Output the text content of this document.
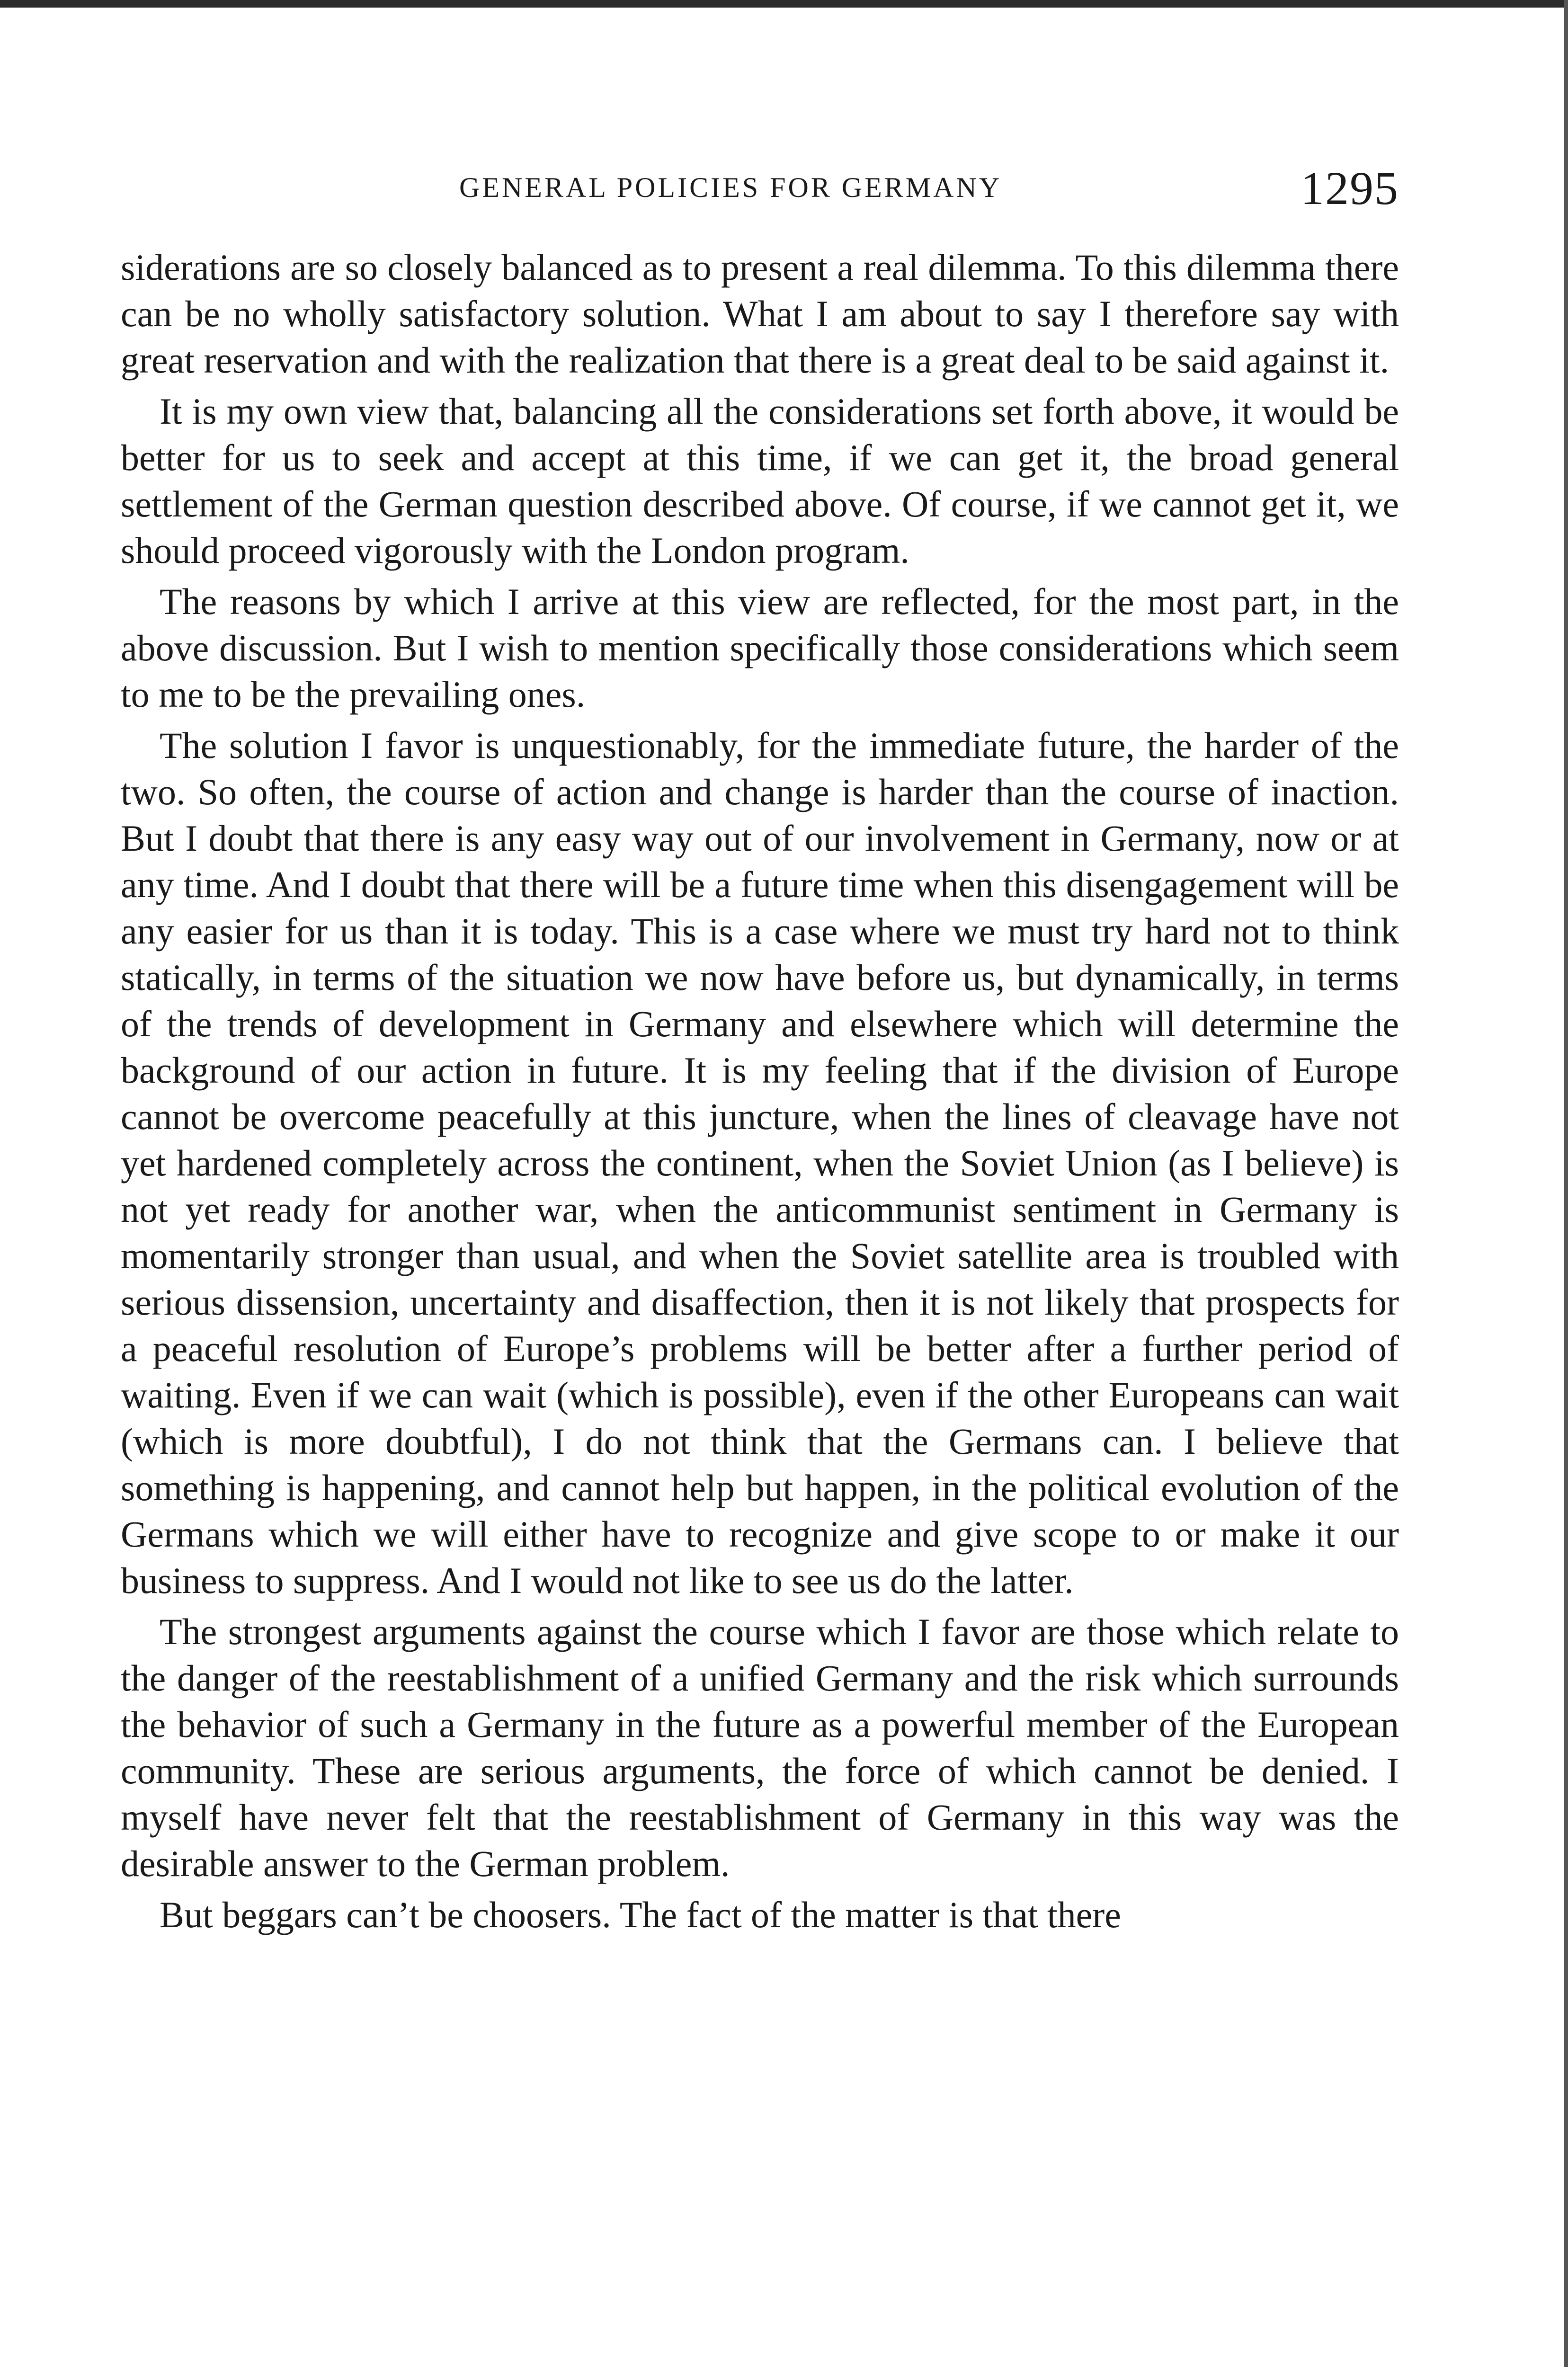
GENERAL POLICIES FOR GERMANY	1295

siderations are so closely balanced as to present a real dilemma. To this dilemma there can be no wholly satisfactory solution. What I am about to say I therefore say with great reservation and with the realization that there is a great deal to be said against it.

It is my own view that, balancing all the considerations set forth above, it would be better for us to seek and accept at this time, if we can get it, the broad general settlement of the German question described above. Of course, if we cannot get it, we should proceed vigorously with the London program.

The reasons by which I arrive at this view are reflected, for the most part, in the above discussion. But I wish to mention specifically those considerations which seem to me to be the prevailing ones.

The solution I favor is unquestionably, for the immediate future, the harder of the two. So often, the course of action and change is harder than the course of inaction. But I doubt that there is any easy way out of our involvement in Germany, now or at any time. And I doubt that there will be a future time when this disengagement will be any easier for us than it is today. This is a case where we must try hard not to think statically, in terms of the situation we now have before us, but dynamically, in terms of the trends of development in Germany and elsewhere which will determine the background of our action in future. It is my feeling that if the division of Europe cannot be overcome peacefully at this juncture, when the lines of cleavage have not yet hardened completely across the continent, when the Soviet Union (as I believe) is not yet ready for another war, when the anticommunist sentiment in Germany is momentarily stronger than usual, and when the Soviet satellite area is troubled with serious dissension, uncertainty and disaffection, then it is not likely that prospects for a peaceful resolution of Europe’s problems will be better after a further period of waiting. Even if we can wait (which is possible), even if the other Europeans can wait (which is more doubtful), I do not think that the Germans can. I believe that something is happening, and cannot help but happen, in the political evolution of the Germans which we will either have to recognize and give scope to or make it our business to suppress. And I would not like to see us do the latter.

The strongest arguments against the course which I favor are those which relate to the danger of the reestablishment of a unified Germany and the risk which surrounds the behavior of such a Germany in the future as a powerful member of the European community. These are serious arguments, the force of which cannot be denied. I myself have never felt that the reestablishment of Germany in this way was the desirable answer to the German problem.

But beggars can’t be choosers. The fact of the matter is that there
